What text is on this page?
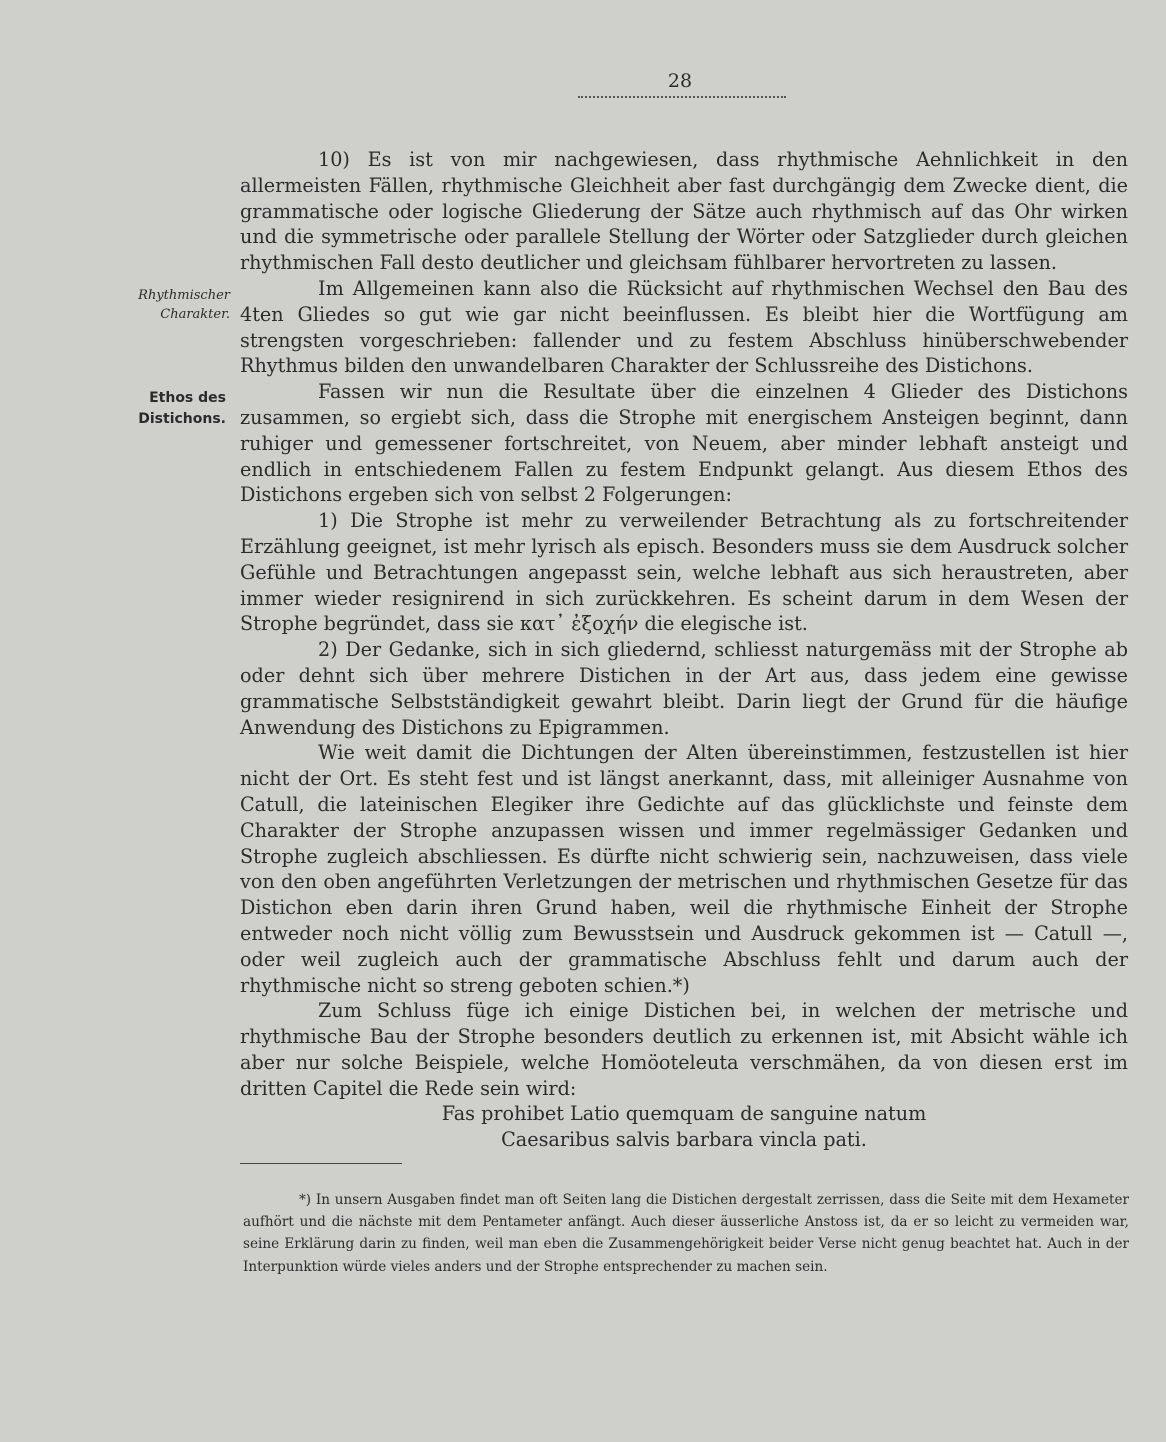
28
Rhythmischer
Charakter.
Ethos des
Distichons.

10) Es ist von mir nachgewiesen, dass rhythmische Aehnlichkeit in den allermeisten Fällen, rhythmische Gleichheit aber fast durchgängig dem Zwecke dient, die grammatische oder logische Gliederung der Sätze auch rhythmisch auf das Ohr wirken und die symmetrische oder parallele Stellung der Wörter oder Satzglieder durch gleichen rhythmischen Fall desto deutlicher und gleichsam fühlbarer hervortreten zu lassen.

Im Allgemeinen kann also die Rücksicht auf rhythmischen Wechsel den Bau des 4ten Gliedes so gut wie gar nicht beeinflussen. Es bleibt hier die Wortfügung am strengsten vorgeschrieben: fallender und zu festem Abschluss hinüberschwebender Rhythmus bilden den unwandelbaren Charakter der Schlussreihe des Distichons.

Fassen wir nun die Resultate über die einzelnen 4 Glieder des Distichons zusammen, so ergiebt sich, dass die Strophe mit energischem Ansteigen beginnt, dann ruhiger und gemessener fortschreitet, von Neuem, aber minder lebhaft ansteigt und endlich in entschiedenem Fallen zu festem Endpunkt gelangt. Aus diesem Ethos des Distichons ergeben sich von selbst 2 Folgerungen:

1) Die Strophe ist mehr zu verweilender Betrachtung als zu fortschreitender Erzählung geeignet, ist mehr lyrisch als episch. Besonders muss sie dem Ausdruck solcher Gefühle und Betrachtungen angepasst sein, welche lebhaft aus sich heraustreten, aber immer wieder resignirend in sich zurückkehren. Es scheint darum in dem Wesen der Strophe begründet, dass sie κατ᾽ ἐξοχήν die elegische ist.

2) Der Gedanke, sich in sich gliedernd, schliesst naturgemäss mit der Strophe ab oder dehnt sich über mehrere Distichen in der Art aus, dass jedem eine gewisse grammatische Selbstständigkeit gewahrt bleibt. Darin liegt der Grund für die häufige Anwendung des Distichons zu Epigrammen.

Wie weit damit die Dichtungen der Alten übereinstimmen, festzustellen ist hier nicht der Ort. Es steht fest und ist längst anerkannt, dass, mit alleiniger Ausnahme von Catull, die lateinischen Elegiker ihre Gedichte auf das glücklichste und feinste dem Charakter der Strophe anzupassen wissen und immer regelmässiger Gedanken und Strophe zugleich abschliessen. Es dürfte nicht schwierig sein, nachzuweisen, dass viele von den oben angeführten Verletzungen der metrischen und rhythmischen Gesetze für das Distichon eben darin ihren Grund haben, weil die rhythmische Einheit der Strophe entweder noch nicht völlig zum Bewusstsein und Ausdruck gekommen ist — Catull —, oder weil zugleich auch der grammatische Abschluss fehlt und darum auch der rhythmische nicht so streng geboten schien.*)

Zum Schluss füge ich einige Distichen bei, in welchen der metrische und rhythmische Bau der Strophe besonders deutlich zu erkennen ist, mit Absicht wähle ich aber nur solche Beispiele, welche Homöoteleuta verschmähen, da von diesen erst im dritten Capitel die Rede sein wird:

Fas prohibet Latio quemquam de sanguine natum

Caesaribus salvis barbara vincla pati.

*) In unsern Ausgaben findet man oft Seiten lang die Distichen dergestalt zerrissen, dass die Seite mit dem Hexameter aufhört und die nächste mit dem Pentameter anfängt. Auch dieser äusserliche Anstoss ist, da er so leicht zu vermeiden war, seine Erklärung darin zu finden, weil man eben die Zusammengehörigkeit beider Verse nicht genug beachtet hat. Auch in der Interpunktion würde vieles anders und der Strophe entsprechender zu machen sein.
